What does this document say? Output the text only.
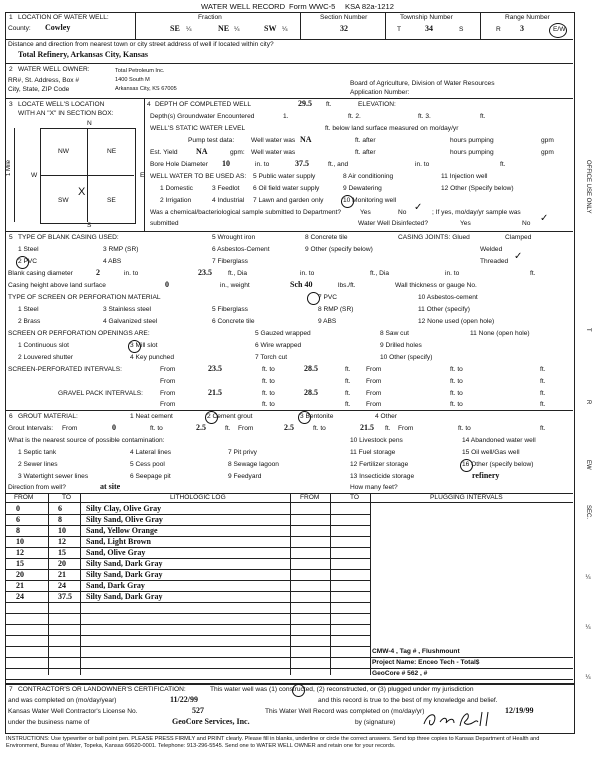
WATER WELL RECORD Form WWC-5 KSA 82a-1212
1 LOCATION OF WATER WELL:
County: Cowley
Fraction
SE ¼	NE ¼	SW ¼
Section Number
32
Township Number
T	34	S
Range Number
R 3	E/W
Distance and direction from nearest town or city street address of well if located within city?
Total Refinery, Arkansas City, Kansas
2 WATER WELL OWNER:	Total Petroleum Inc.
RR#, St. Address, Box #
City, State, ZIP Code
1400 South M
Arkansas City, KS 67005
Board of Agriculture, Division of Water Resources
Application Number:
3 LOCATE WELL'S LOCATION
WITH AN "X" IN SECTION BOX:
N
S
W	E
1 Mile
NW	NE
SW	SE
X
4 DEPTH OF COMPLETED WELL	29.5 ft.	ELEVATION:
Depth(s) Groundwater Encountered	1.	ft. 2.	ft. 3.	ft.
WELL'S STATIC WATER LEVEL	ft. below land surface measured on mo/day/yr
Pump test data:	Well water was NA	ft. after	hours pumping	gpm
Est. Yield NA	gpm: Well water was	ft. after	hours pumping	gpm
Bore Hole Diameter 10	in. to	37.5	ft., and	in. to	ft.
WELL WATER TO BE USED AS: 5 Public water supply	8 Air conditioning	11 Injection well
1 Domestic	3 Feedlot 6 Oil field water supply	9 Dewatering	12 Other (Specify below)
2 Irrigation	4 Industrial 7 Lawn and garden only	10 Monitoring well
Was a chemical/bacteriological sample submitted to Department?	Yes	No ✓ ; If yes, mo/day/yr sample was
submitted	Water Well Disinfected?	Yes	No ✓
5 TYPE OF BLANK CASING USED:	5 Wrought iron	8 Concrete tile	CASING JOINTS: Glued	Clamped
1 Steel	3 RMP (SR)	6 Asbestos-Cement	9 Other (specify below)	Welded
2 PVC	4 ABS	7 Fiberglass	Threaded ✓
Blank casing diameter	2	in. to	23.5 ft., Dia	in. to	ft., Dia	in. to	ft.
Casing height above land surface	0	in., weight	Sch 40	lbs./ft.	Wall thickness or gauge No.
TYPE OF SCREEN OR PERFORATION MATERIAL	7 PVC	10 Asbestos-cement
1 Steel	3 Stainless steel	5 Fiberglass	8 RMP (SR)	11 Other (specify)
2 Brass	4 Galvanized steel	6 Concrete tile	9 ABS	12 None used (open hole)
SCREEN OR PERFORATION OPENINGS ARE:	5 Gauzed wrapped	8 Saw cut	11 None (open hole)
1 Continuous slot	3 Mill slot	6 Wire wrapped	9 Drilled holes
2 Louvered shutter	4 Key punched	7 Torch cut	10 Other (specify)
SCREEN-PERFORATED INTERVALS:	From	23.5	ft. to	28.5	ft. From	ft. to	ft.
From	ft. to	ft. From	ft. to	ft.
GRAVEL PACK INTERVALS:	From	21.5	ft. to	28.5	ft. From	ft. to	ft.
From	ft. to	ft. From	ft. to	ft.
6 GROUT MATERIAL:	1 Neat cement	2 Cement grout	3 Bentonite	4 Other
Grout Intervals: From	0	ft. to	2.5	ft. From	2.5	ft. to	21.5 ft. From	ft. to	ft.
What is the nearest source of possible contamination:	10 Livestock pens	14 Abandoned water well
1 Septic tank	4 Lateral lines	7 Pit privy	11 Fuel storage	15 Oil well/Gas well
2 Sewer lines	5 Cess pool	8 Sewage lagoon	12 Fertilizer storage	16 Other (specify below)
3 Watertight sewer lines	6 Seepage pit	9 Feedyard	13 Insecticide storage	refinery
Direction from well?	at site	How many feet?
FROM	TO	LITHOLOGIC LOG	FROM	TO	PLUGGING INTERVALS
0	6	Silty Clay, Olive Gray
6	8	Silty Sand, Olive Gray
8	10	Sand, Yellow Orange
10	12	Sand, Light Brown
12	15	Sand, Olive Gray
15	20	Silty Sand, Dark Gray
20	21	Silty Sand, Dark Gray
21	24	Sand, Dark Gray
24	37.5 Silty Sand, Dark Gray
CMW-4 , Tag # , Flushmount
Project Name: Enceo Tech - Total$
GeoCore # 562 , #
7 CONTRACTOR'S OR LANDOWNER'S CERTIFICATION:	This water well was (1) constructed, (2) reconstructed, or (3) plugged under my jurisdiction
and was completed on (mo/day/year)	11/22/99	and this record is true to the best of my knowledge and belief.
Kansas Water Well Contractor's License No.	527	This Water Well Record was completed on (mo/day/yr)	12/19/99
under the business name of	GeoCore Services, Inc.	by (signature)
INSTRUCTIONS: Use typewriter or ball point pen. PLEASE PRESS FIRMLY and PRINT clearly. Please fill in blanks, underline or circle the correct answers. Send top three copies to Kansas Department of Health and Environment, Bureau of Water, Topeka, Kansas 66620-0001. Telephone: 913-296-5545. Send one to WATER WELL OWNER and retain one for your records.
OFFICE USE ONLY
T
R
EW
SEC.
¼
¼
¼
